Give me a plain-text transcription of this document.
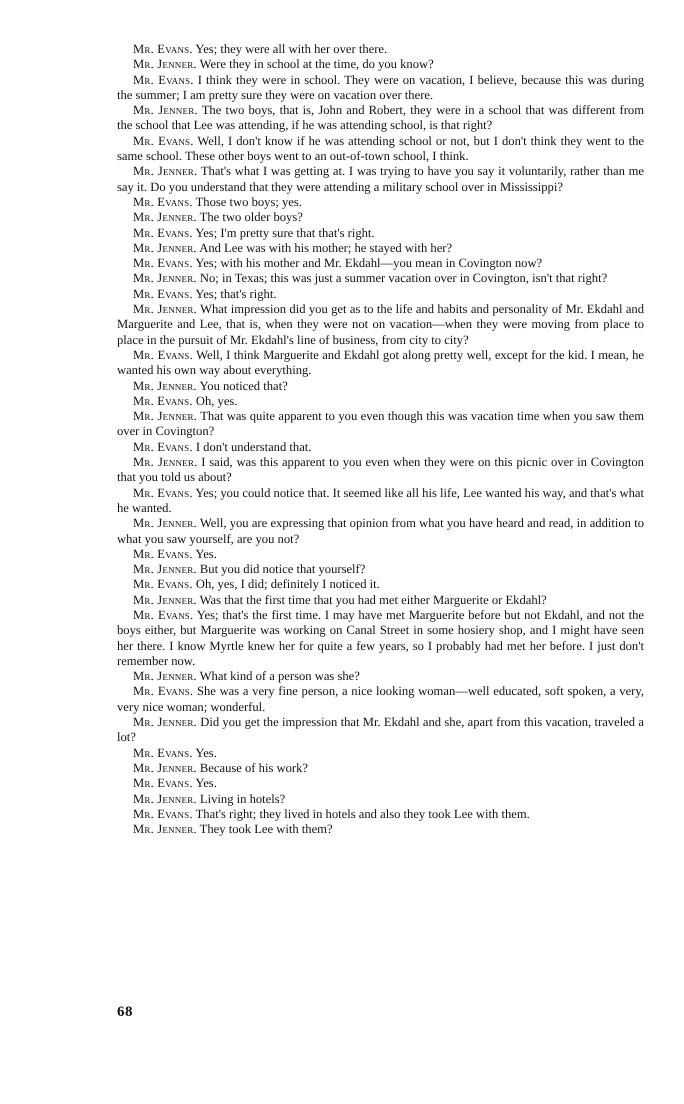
Mr. Evans. Yes; they were all with her over there.

Mr. Jenner. Were they in school at the time, do you know?

Mr. Evans. I think they were in school. They were on vacation, I believe, because this was during the summer; I am pretty sure they were on vacation over there.

Mr. Jenner. The two boys, that is, John and Robert, they were in a school that was different from the school that Lee was attending, if he was attending school, is that right?

Mr. Evans. Well, I don't know if he was attending school or not, but I don't think they went to the same school. These other boys went to an out-of-town school, I think.

Mr. Jenner. That's what I was getting at. I was trying to have you say it voluntarily, rather than me say it. Do you understand that they were attending a military school over in Mississippi?

Mr. Evans. Those two boys; yes.

Mr. Jenner. The two older boys?

Mr. Evans. Yes; I'm pretty sure that that's right.

Mr. Jenner. And Lee was with his mother; he stayed with her?

Mr. Evans. Yes; with his mother and Mr. Ekdahl—you mean in Covington now?

Mr. Jenner. No; in Texas; this was just a summer vacation over in Covington, isn't that right?

Mr. Evans. Yes; that's right.

Mr. Jenner. What impression did you get as to the life and habits and personality of Mr. Ekdahl and Marguerite and Lee, that is, when they were not on vacation—when they were moving from place to place in the pursuit of Mr. Ekdahl's line of business, from city to city?

Mr. Evans. Well, I think Marguerite and Ekdahl got along pretty well, except for the kid. I mean, he wanted his own way about everything.

Mr. Jenner. You noticed that?

Mr. Evans. Oh, yes.

Mr. Jenner. That was quite apparent to you even though this was vacation time when you saw them over in Covington?

Mr. Evans. I don't understand that.

Mr. Jenner. I said, was this apparent to you even when they were on this picnic over in Covington that you told us about?

Mr. Evans. Yes; you could notice that. It seemed like all his life, Lee wanted his way, and that's what he wanted.

Mr. Jenner. Well, you are expressing that opinion from what you have heard and read, in addition to what you saw yourself, are you not?

Mr. Evans. Yes.

Mr. Jenner. But you did notice that yourself?

Mr. Evans. Oh, yes, I did; definitely I noticed it.

Mr. Jenner. Was that the first time that you had met either Marguerite or Ekdahl?

Mr. Evans. Yes; that's the first time. I may have met Marguerite before but not Ekdahl, and not the boys either, but Marguerite was working on Canal Street in some hosiery shop, and I might have seen her there. I know Myrtle knew her for quite a few years, so I probably had met her before. I just don't remember now.

Mr. Jenner. What kind of a person was she?

Mr. Evans. She was a very fine person, a nice looking woman—well educated, soft spoken, a very, very nice woman; wonderful.

Mr. Jenner. Did you get the impression that Mr. Ekdahl and she, apart from this vacation, traveled a lot?

Mr. Evans. Yes.

Mr. Jenner. Because of his work?

Mr. Evans. Yes.

Mr. Jenner. Living in hotels?

Mr. Evans. That's right; they lived in hotels and also they took Lee with them.

Mr. Jenner. They took Lee with them?

68
